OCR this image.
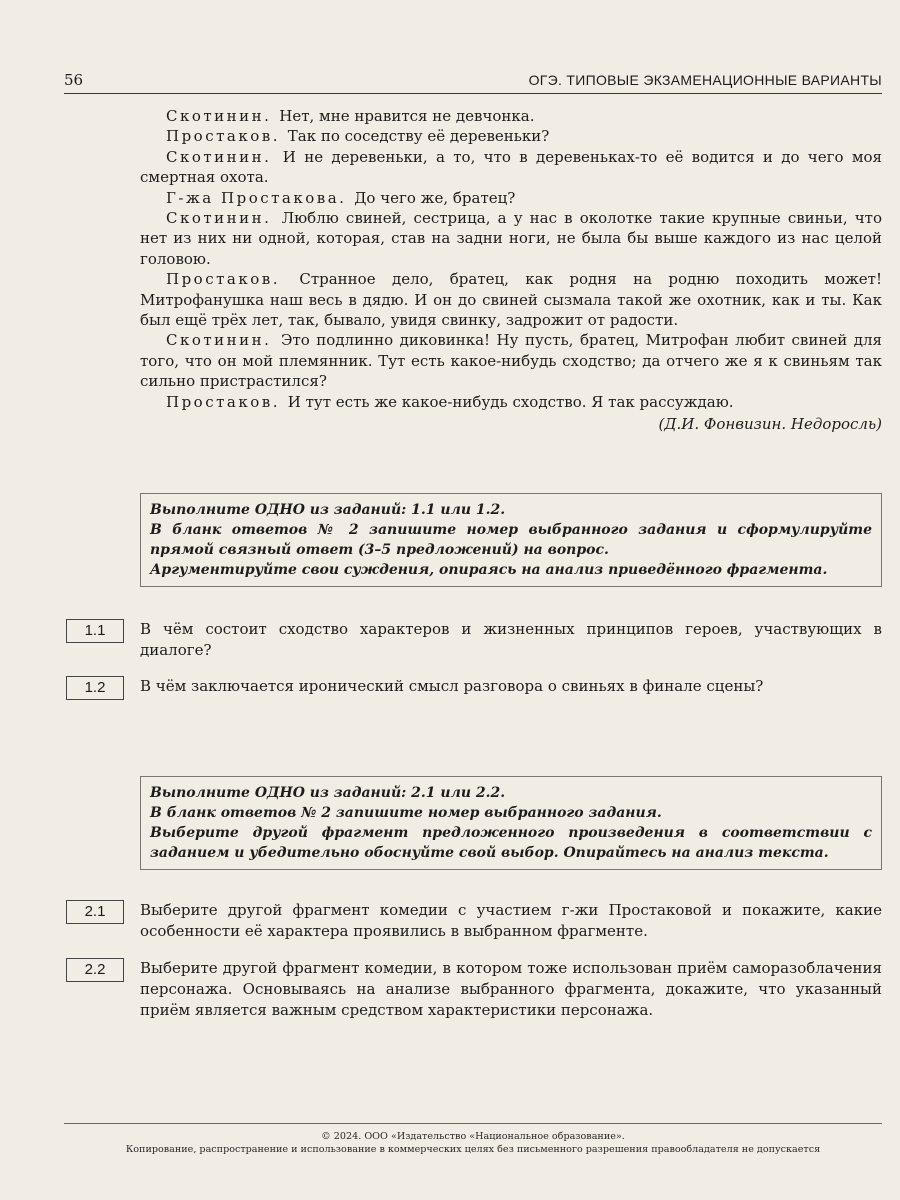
56	ОГЭ. ТИПОВЫЕ ЭКЗАМЕНАЦИОННЫЕ ВАРИАНТЫ

Скотинин. Нет, мне нравится не девчонка.

Простаков. Так по соседству её деревеньки?

Скотинин. И не деревеньки, а то, что в деревеньках-то её водится и до чего моя смертная охота.

Г-жа Простакова. До чего же, братец?

Скотинин. Люблю свиней, сестрица, а у нас в околотке такие крупные свиньи, что нет из них ни одной, которая, став на задни ноги, не была бы выше каждого из нас целой головою.

Простаков. Странное дело, братец, как родня на родню походить может! Митрофанушка наш весь в дядю. И он до свиней сызмала такой же охотник, как и ты. Как был ещё трёх лет, так, бывало, увидя свинку, задрожит от радости.

Скотинин. Это подлинно диковинка! Ну пусть, братец, Митрофан любит свиней для того, что он мой племянник. Тут есть какое-нибудь сходство; да отчего же я к свиньям так сильно пристрастился?

Простаков. И тут есть же какое-нибудь сходство. Я так рассуждаю.

(Д.И. Фонвизин. Недоросль)

Выполните ОДНО из заданий: 1.1 или 1.2.
В бланк ответов № 2 запишите номер выбранного задания и сформулируйте прямой связный ответ (3–5 предложений) на вопрос.
Аргументируйте свои суждения, опираясь на анализ приведённого фрагмента.
1.1	В чём состоит сходство характеров и жизненных принципов героев, участвующих в диалоге?
1.2	В чём заключается иронический смысл разговора о свиньях в финале сцены?
Выполните ОДНО из заданий: 2.1 или 2.2.
В бланк ответов № 2 запишите номер выбранного задания.
Выберите другой фрагмент предложенного произведения в соответствии с заданием и убедительно обоснуйте свой выбор. Опирайтесь на анализ текста.
2.1	Выберите другой фрагмент комедии с участием г-жи Простаковой и покажите, какие особенности её характера проявились в выбранном фрагменте.
2.2	Выберите другой фрагмент комедии, в котором тоже использован приём саморазоблачения персонажа. Основываясь на анализе выбранного фрагмента, докажите, что указанный приём является важным средством характеристики персонажа.
© 2024. ООО «Издательство «Национальное образование».
Копирование, распространение и использование в коммерческих целях без письменного разрешения правообладателя не допускается
